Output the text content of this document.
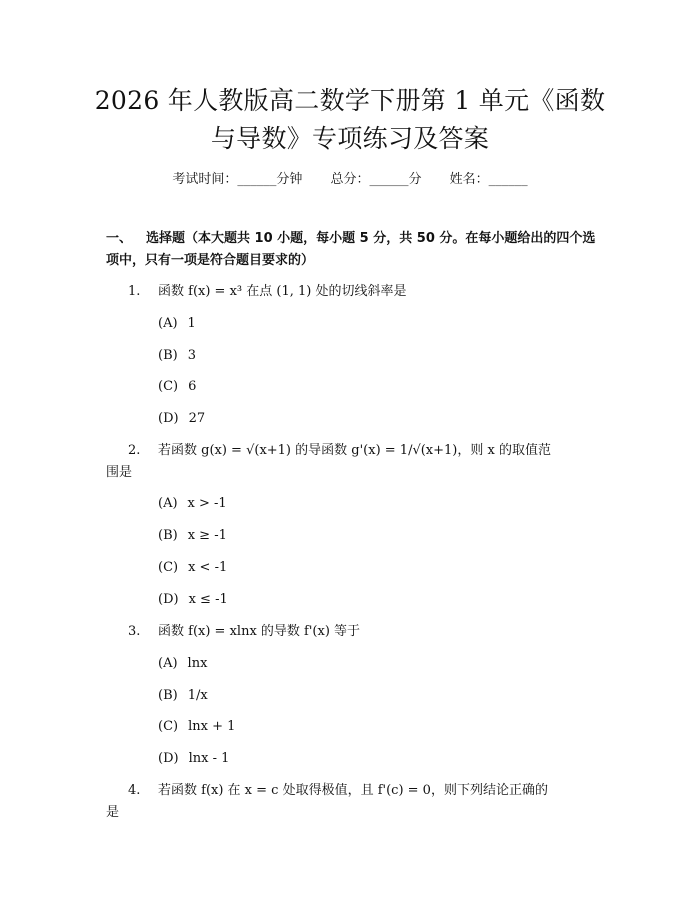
2026 年人教版高二数学下册第 1 单元《函数
与导数》专项练习及答案
考试时间：______分钟 总分：______分 姓名：______
一、 选择题（本大题共 10 小题，每小题 5 分，共 50 分。在每小题给出的四个选项中，只有一项是符合题目要求的）
1. 函数 f(x) = x³ 在点 (1, 1) 处的切线斜率是
(A) 1
(B) 3
(C) 6
(D) 27
2. 若函数 g(x) = √(x+1) 的导函数 g'(x) = 1/√(x+1)，则 x 的取值范
围是
(A) x > -1
(B) x ≥ -1
(C) x < -1
(D) x ≤ -1
3. 函数 f(x) = xlnx 的导数 f'(x) 等于
(A) lnx
(B) 1/x
(C) lnx + 1
(D) lnx - 1
4. 若函数 f(x) 在 x = c 处取得极值，且 f'(c) = 0，则下列结论正确的
是
